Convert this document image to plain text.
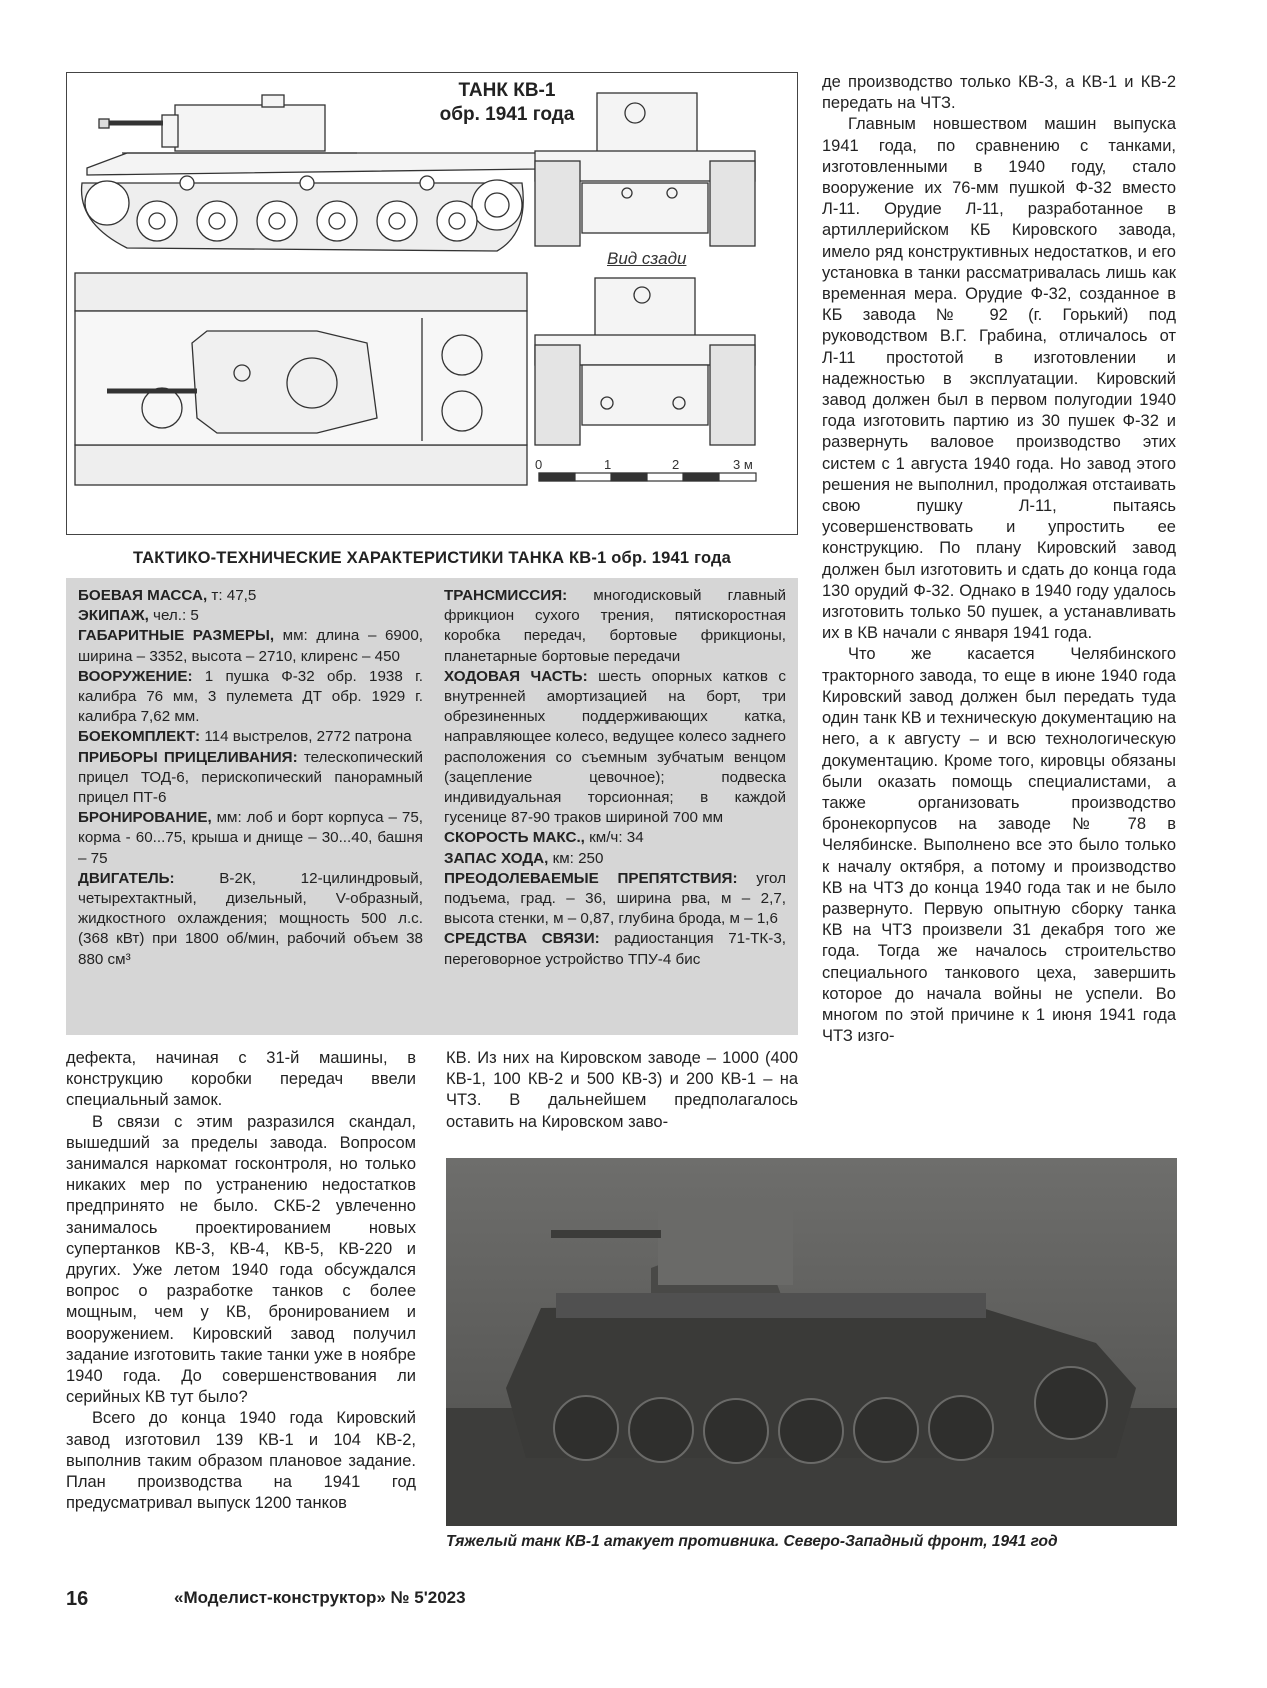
ТАНК КВ-1
обр. 1941 года
Вид сзади
0	1	2	3 м
ТАКТИКО-ТЕХНИЧЕСКИЕ ХАРАКТЕРИСТИКИ ТАНКА КВ-1 обр. 1941 года
БОЕВАЯ МАССА, т: 47,5
ЭКИПАЖ, чел.: 5
ГАБАРИТНЫЕ РАЗМЕРЫ, мм: длина – 6900, ширина – 3352, высота – 2710, клиренс – 450
ВООРУЖЕНИЕ: 1 пушка Ф-32 обр. 1938 г. калибра 76 мм, 3 пулемета ДТ обр. 1929 г. калибра 7,62 мм.
БОЕКОМПЛЕКТ: 114 выстрелов, 2772 патрона
ПРИБОРЫ ПРИЦЕЛИВАНИЯ: телескопический прицел ТОД-6, перископический панорамный прицел ПТ-6
БРОНИРОВАНИЕ, мм: лоб и борт корпуса – 75, корма - 60...75, крыша и днище – 30...40, башня – 75
ДВИГАТЕЛЬ: В-2К, 12-цилиндровый, четырехтактный, дизельный, V-образный, жидкостного охлаждения; мощность 500 л.с. (368 кВт) при 1800 об/мин, рабочий объем 38 880 см³
ТРАНСМИССИЯ: многодисковый главный фрикцион сухого трения, пятискоростная коробка передач, бортовые фрикционы, планетарные бортовые передачи
ХОДОВАЯ ЧАСТЬ: шесть опорных катков с внутренней амортизацией на борт, три обрезиненных поддерживающих катка, направляющее колесо, ведущее колесо заднего расположения со съемным зубчатым венцом (зацепление цевочное); подвеска индивидуальная торсионная; в каждой гусенице 87-90 траков шириной 700 мм
СКОРОСТЬ МАКС., км/ч: 34
ЗАПАС ХОДА, км: 250
ПРЕОДОЛЕВАЕМЫЕ ПРЕПЯТСТВИЯ: угол подъема, град. – 36, ширина рва, м – 2,7, высота стенки, м – 0,87, глубина брода, м – 1,6
СРЕДСТВА СВЯЗИ: радиостанция 71-ТК-3, переговорное устройство ТПУ-4 бис

де производство только КВ-3, а КВ-1 и КВ-2 передать на ЧТЗ.

Главным новшеством машин выпуска 1941 года, по сравнению с танками, изготовленными в 1940 году, стало вооружение их 76-мм пушкой Ф-32 вместо Л-11. Орудие Л-11, разработанное в артиллерийском КБ Кировского завода, имело ряд конструктивных недостатков, и его установка в танки рассматривалась лишь как временная мера. Орудие Ф-32, созданное в КБ завода № 92 (г. Горький) под руководством В.Г. Грабина, отличалось от Л-11 простотой в изготовлении и надежностью в эксплуатации. Кировский завод должен был в первом полугодии 1940 года изготовить партию из 30 пушек Ф-32 и развернуть валовое производство этих систем с 1 августа 1940 года. Но завод этого решения не выполнил, продолжая отстаивать свою пушку Л-11, пытаясь усовершенствовать и упростить ее конструкцию. По плану Кировский завод должен был изготовить и сдать до конца года 130 орудий Ф-32. Однако в 1940 году удалось изготовить только 50 пушек, а устанавливать их в КВ начали с января 1941 года.

Что же касается Челябинского тракторного завода, то еще в июне 1940 года Кировский завод должен был передать туда один танк КВ и техническую документацию на него, а к августу – и всю технологическую документацию. Кроме того, кировцы обязаны были оказать помощь специалистами, а также организовать производство бронекорпусов на заводе № 78 в Челябинске. Выполнено все это было только к началу октября, а потому и производство КВ на ЧТЗ до конца 1940 года так и не было развернуто. Первую опытную сборку танка КВ на ЧТЗ произвели 31 декабря того же года. Тогда же началось строительство специального танкового цеха, завершить которое до начала войны не успели. Во многом по этой причине к 1 июня 1941 года ЧТЗ изго-

дефекта, начиная с 31-й машины, в конструкцию коробки передач ввели специальный замок.

В связи с этим разразился скандал, вышедший за пределы завода. Вопросом занимался наркомат госконтроля, но только никаких мер по устранению недостатков предпринято не было. СКБ-2 увлеченно занималось проектированием новых супертанков КВ-3, КВ-4, КВ-5, КВ-220 и других. Уже летом 1940 года обсуждался вопрос о разработке танков с более мощным, чем у КВ, бронированием и вооружением. Кировский завод получил задание изготовить такие танки уже в ноябре 1940 года. До совершенствования ли серийных КВ тут было?

Всего до конца 1940 года Кировский завод изготовил 139 КВ-1 и 104 КВ-2, выполнив таким образом плановое задание. План производства на 1941 год предусматривал выпуск 1200 танков

КВ. Из них на Кировском заводе – 1000 (400 КВ-1, 100 КВ-2 и 500 КВ-3) и 200 КВ-1 – на ЧТЗ. В дальнейшем предполагалось оставить на Кировском заво-

Тяжелый танк КВ-1 атакует противника. Северо-Западный фронт, 1941 год
16	«Моделист-конструктор» № 5'2023
